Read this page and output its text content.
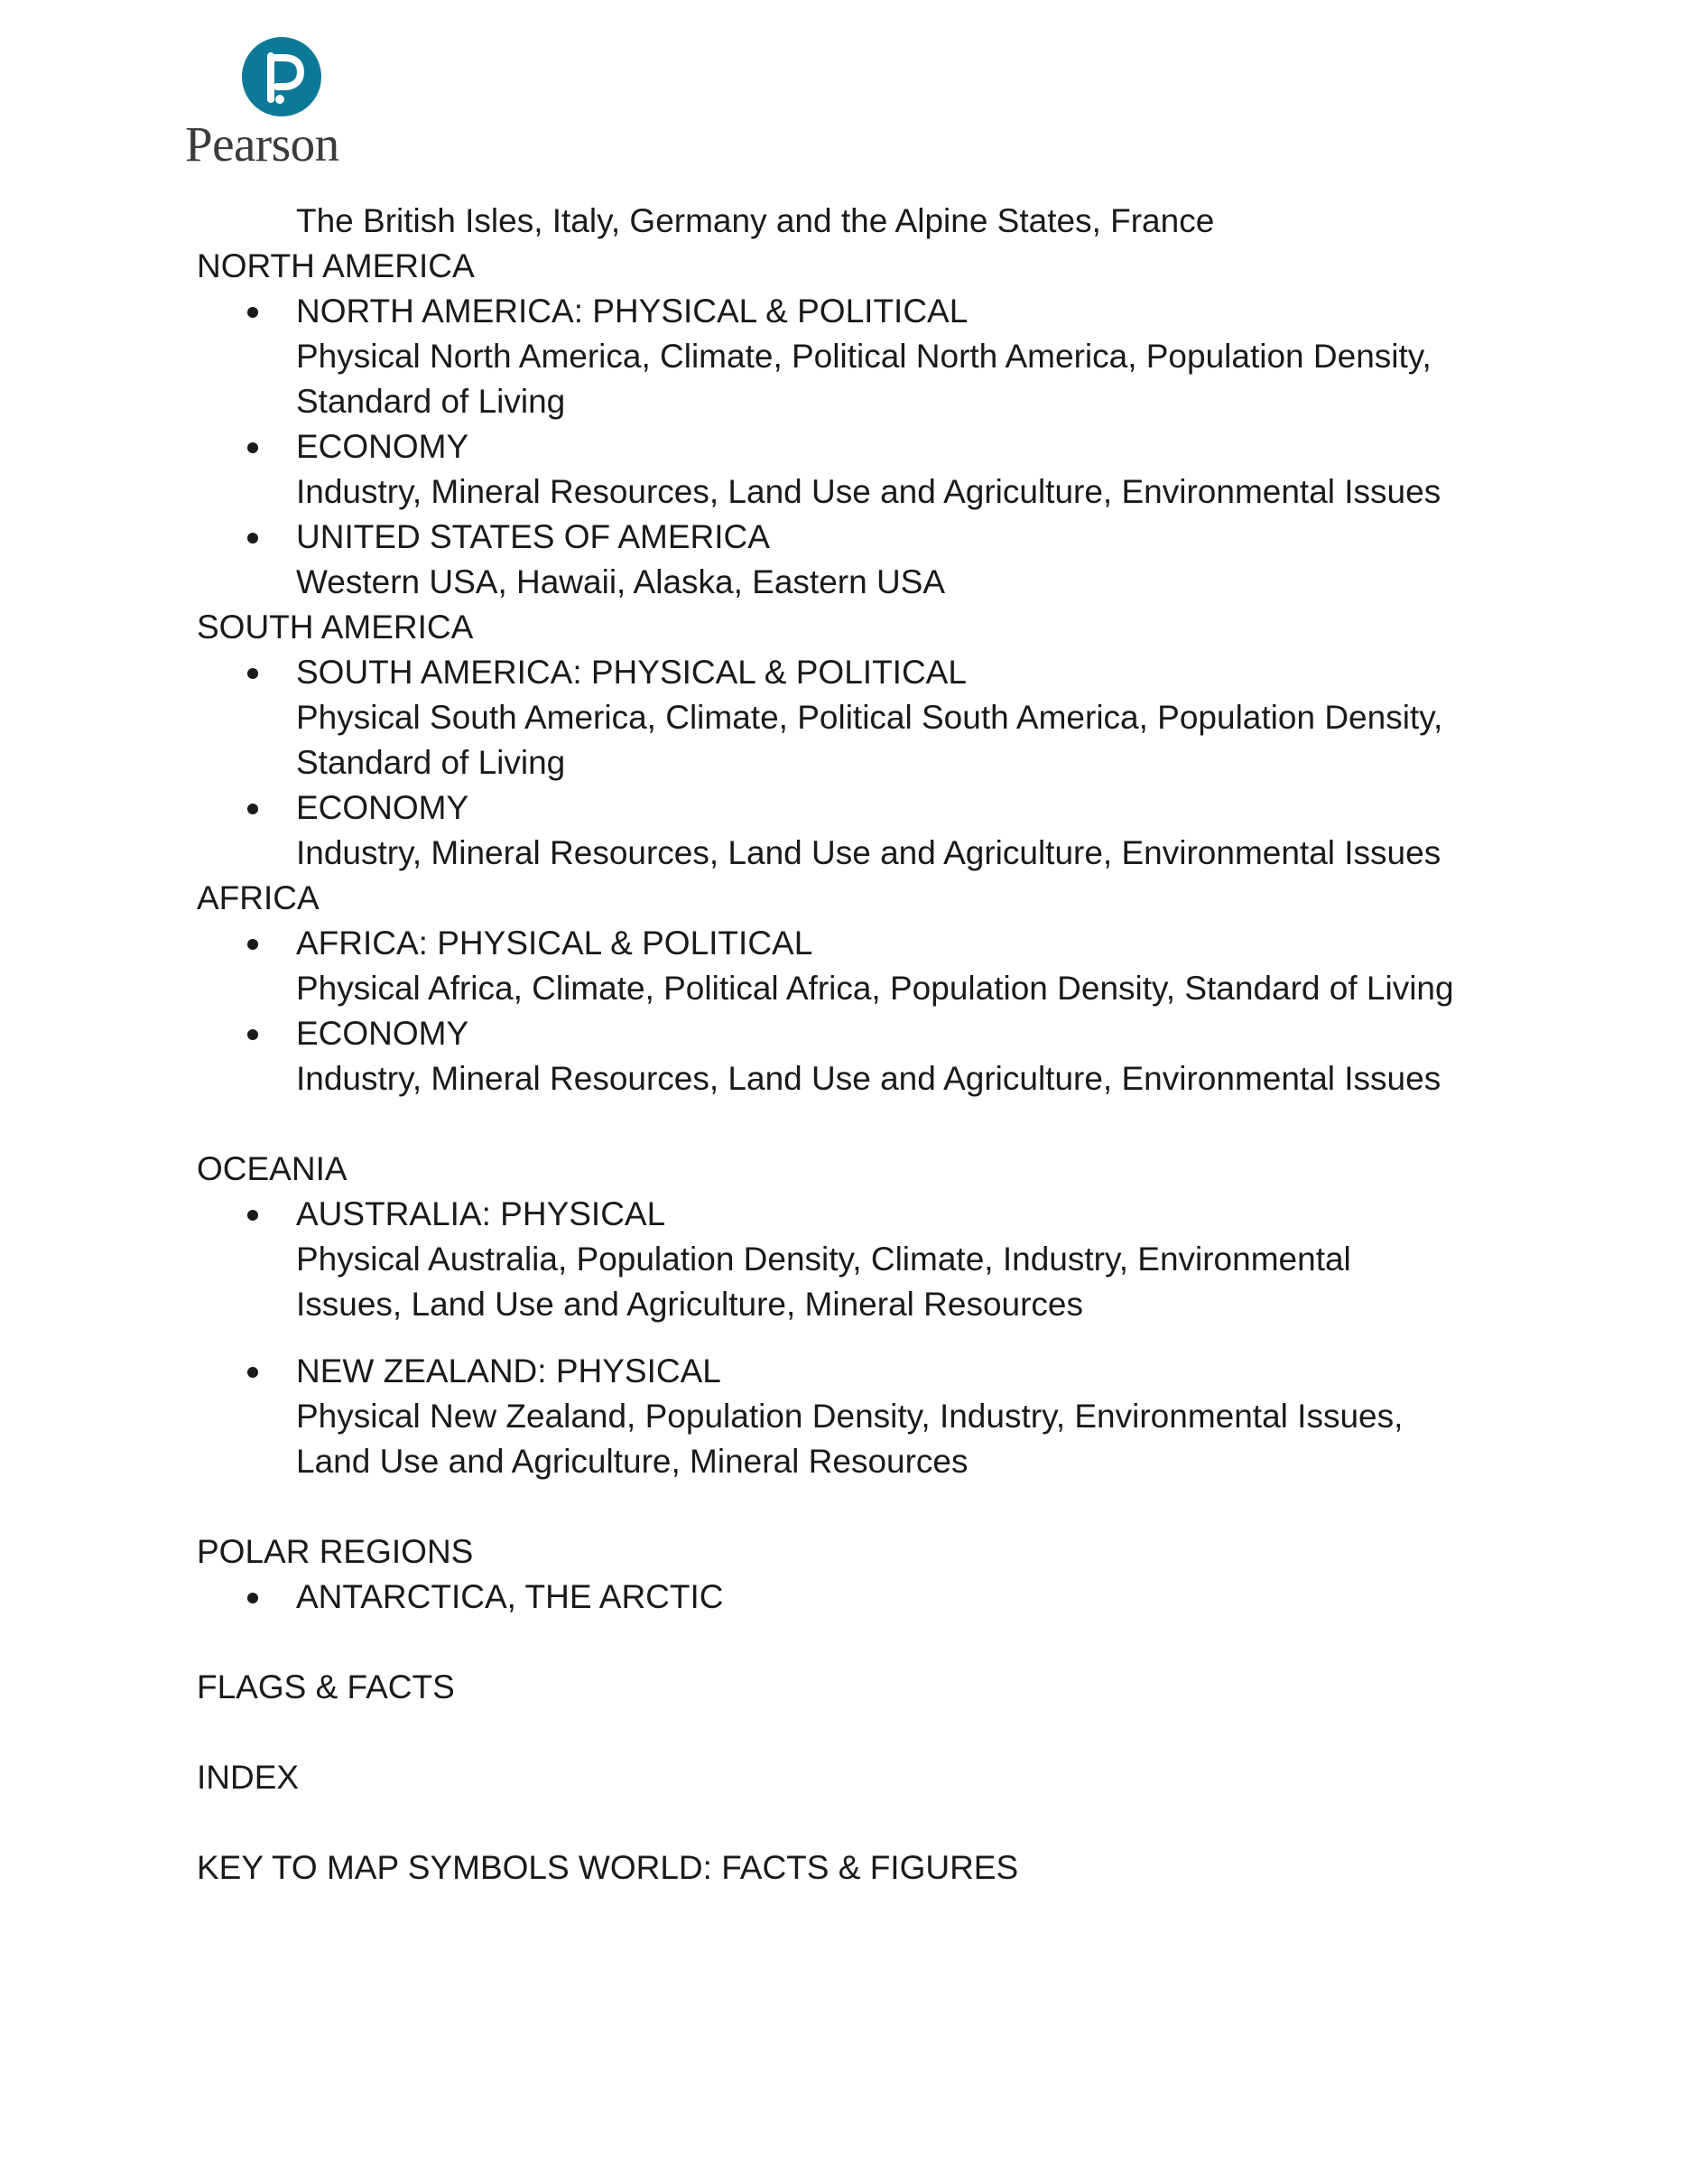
Pearson
The British Isles, Italy, Germany and the Alpine States, France
NORTH AMERICA
NORTH AMERICA: PHYSICAL & POLITICAL
Physical North America, Climate, Political North America, Population Density,
Standard of Living
ECONOMY
Industry, Mineral Resources, Land Use and Agriculture, Environmental Issues
UNITED STATES OF AMERICA
Western USA, Hawaii, Alaska, Eastern USA
SOUTH AMERICA
SOUTH AMERICA: PHYSICAL & POLITICAL
Physical South America, Climate, Political South America, Population Density,
Standard of Living
ECONOMY
Industry, Mineral Resources, Land Use and Agriculture, Environmental Issues
AFRICA
AFRICA: PHYSICAL & POLITICAL
Physical Africa, Climate, Political Africa, Population Density, Standard of Living
ECONOMY
Industry, Mineral Resources, Land Use and Agriculture, Environmental Issues
OCEANIA
AUSTRALIA: PHYSICAL
Physical Australia, Population Density, Climate, Industry, Environmental
Issues, Land Use and Agriculture, Mineral Resources
NEW ZEALAND: PHYSICAL
Physical New Zealand, Population Density, Industry, Environmental Issues,
Land Use and Agriculture, Mineral Resources
POLAR REGIONS
ANTARCTICA, THE ARCTIC
FLAGS & FACTS
INDEX
KEY TO MAP SYMBOLS WORLD: FACTS & FIGURES
